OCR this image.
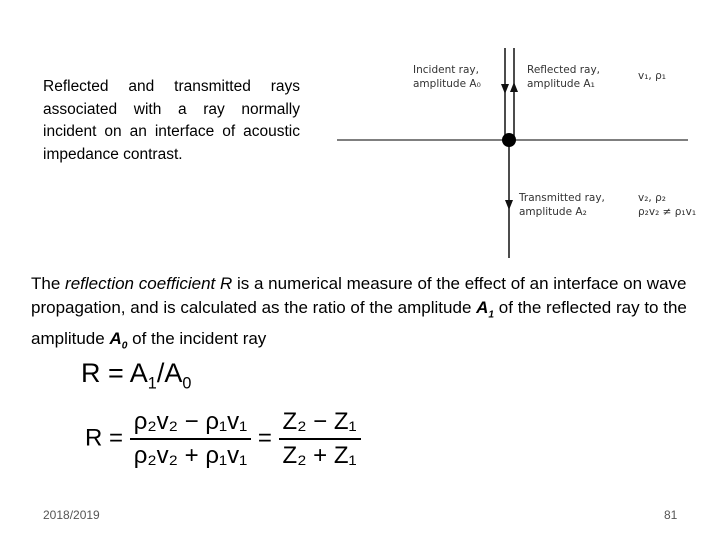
Reflected and transmitted rays associated with a ray normally incident on an interface of acoustic impedance contrast.
Incident ray,
amplitude A₀
Reflected ray,
amplitude A₁
v₁, ρ₁
Transmitted ray,
amplitude A₂
v₂, ρ₂
ρ₂v₂ ≠ ρ₁v₁
The reflection coefficient R is a numerical measure of the effect of an interface on wave propagation, and is calculated as the ratio of the amplitude $A_1$ of the reflected ray to the amplitude $A_0$ of the incident ray
$R = A_1/A_0$
$R = \frac{\text{ρ₂v₂ − ρ₁v₁}}{\text{ρ₂v₂ + ρ₁v₁}} = \frac{\text{Z₂ − Z₁}}{\text{Z₂ + Z₁}}$
2018/2019	81
